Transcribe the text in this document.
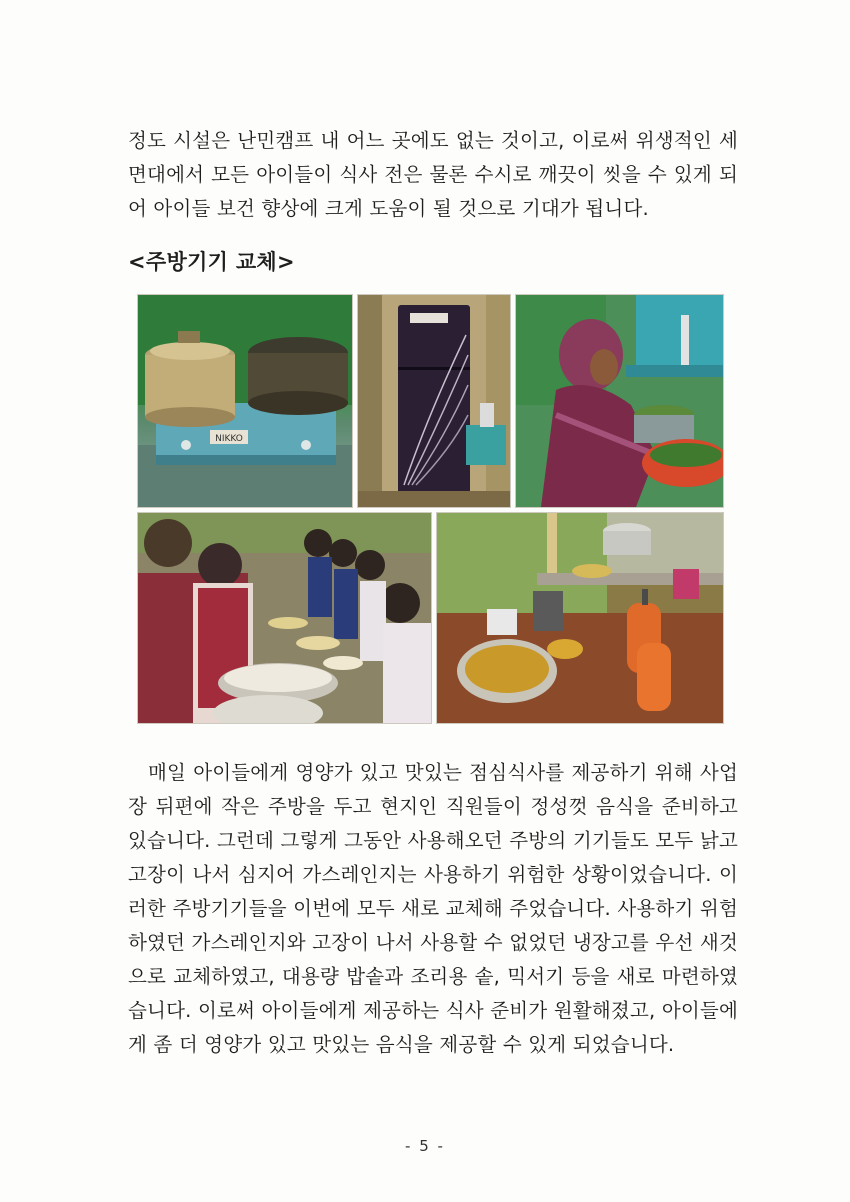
정도 시설은 난민캠프 내 어느 곳에도 없는 것이고, 이로써 위생적인 세면대에서 모든 아이들이 식사 전은 물론 수시로 깨끗이 씻을 수 있게 되어 아이들 보건 향상에 크게 도움이 될 것으로 기대가 됩니다.

<주방기기 교체>
NIKKO

매일 아이들에게 영양가 있고 맛있는 점심식사를 제공하기 위해 사업장 뒤편에 작은 주방을 두고 현지인 직원들이 정성껏 음식을 준비하고 있습니다. 그런데 그렇게 그동안 사용해오던 주방의 기기들도 모두 낡고 고장이 나서 심지어 가스레인지는 사용하기 위험한 상황이었습니다. 이러한 주방기기들을 이번에 모두 새로 교체해 주었습니다. 사용하기 위험하였던 가스레인지와 고장이 나서 사용할 수 없었던 냉장고를 우선 새것으로 교체하였고, 대용량 밥솥과 조리용 솥, 믹서기 등을 새로 마련하였습니다. 이로써 아이들에게 제공하는 식사 준비가 원활해졌고, 아이들에게 좀 더 영양가 있고 맛있는 음식을 제공할 수 있게 되었습니다.

- 5 -
